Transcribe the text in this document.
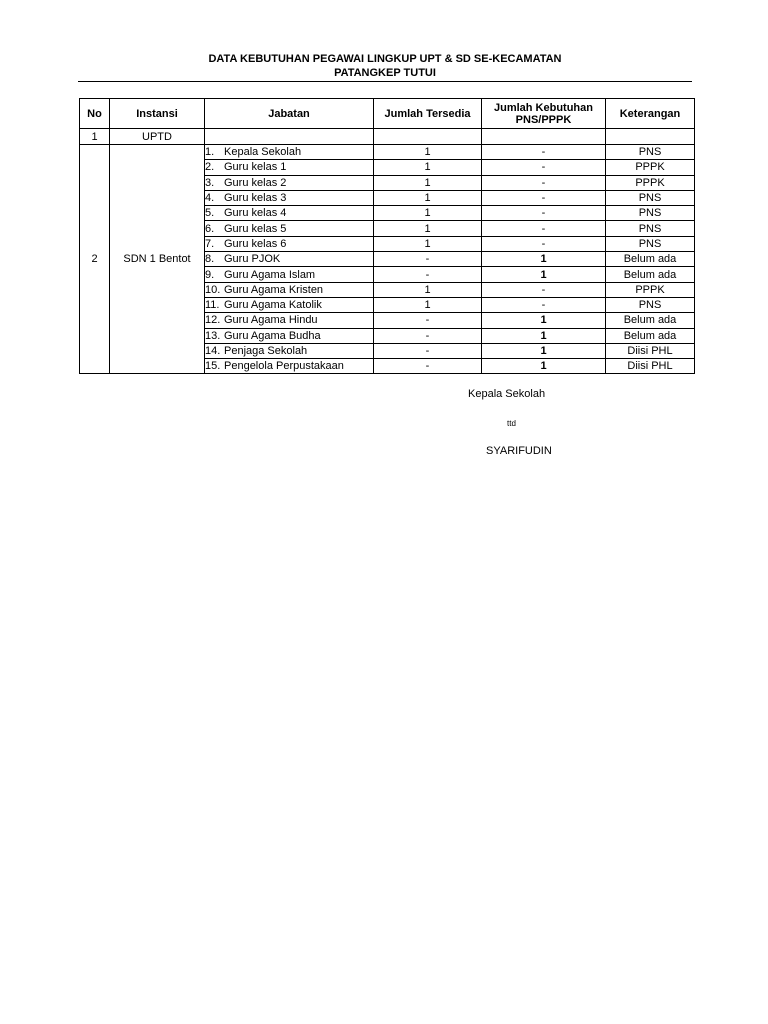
DATA KEBUTUHAN PEGAWAI LINGKUP UPT & SD SE-KECAMATAN
PATANGKEP TUTUI
No	Instansi	Jabatan	Jumlah Tersedia	Jumlah Kebutuhan PNS/PPPK	Keterangan
1	UPTD				
2	SDN 1 Bentot	1. Kepala Sekolah	1	-	PNS
		2. Guru kelas 1	1	-	PPPK
		3. Guru kelas 2	1	-	PPPK
		4. Guru kelas 3	1	-	PNS
		5. Guru kelas 4	1	-	PNS
		6. Guru kelas 5	1	-	PNS
		7. Guru kelas 6	1	-	PNS
		8. Guru PJOK	-	1	Belum ada
		9. Guru Agama Islam	-	1	Belum ada
		10. Guru Agama Kristen	1	-	PPPK
		11. Guru Agama Katolik	1	-	PNS
		12. Guru Agama Hindu	-	1	Belum ada
		13. Guru Agama Budha	-	1	Belum ada
		14. Penjaga Sekolah	-	1	Diisi PHL
		15. Pengelola Perpustakaan	-	1	Diisi PHL
Kepala Sekolah
ttd
SYARIFUDIN
